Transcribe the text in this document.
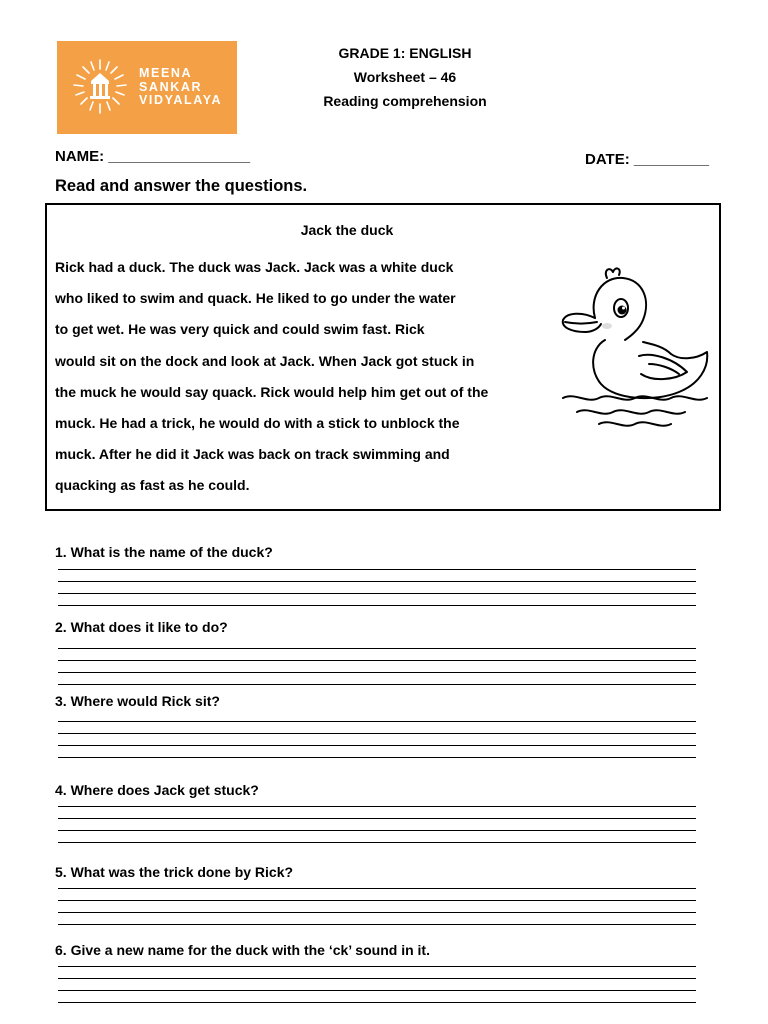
MEENA
SANKAR
VIDYALAYA
GRADE 1: ENGLISH
Worksheet – 46
Reading comprehension
NAME: _________________	DATE: _________
Read and answer the questions.
Jack the duck
Rick had a duck. The duck was Jack. Jack was a white duck
who liked to swim and quack. He liked to go under the water
to get wet. He was very quick and could swim fast. Rick
would sit on the dock and look at Jack. When Jack got stuck in
the muck he would say quack. Rick would help him get out of the
muck. He had a trick, he would do with a stick to unblock the
muck. After he did it Jack was back on track swimming and
quacking as fast as he could.
1. What is the name of the duck?
2. What does it like to do?
3. Where would Rick sit?
4. Where does Jack get stuck?
5. What was the trick done by Rick?
6. Give a new name for the duck with the ‘ck’ sound in it.
